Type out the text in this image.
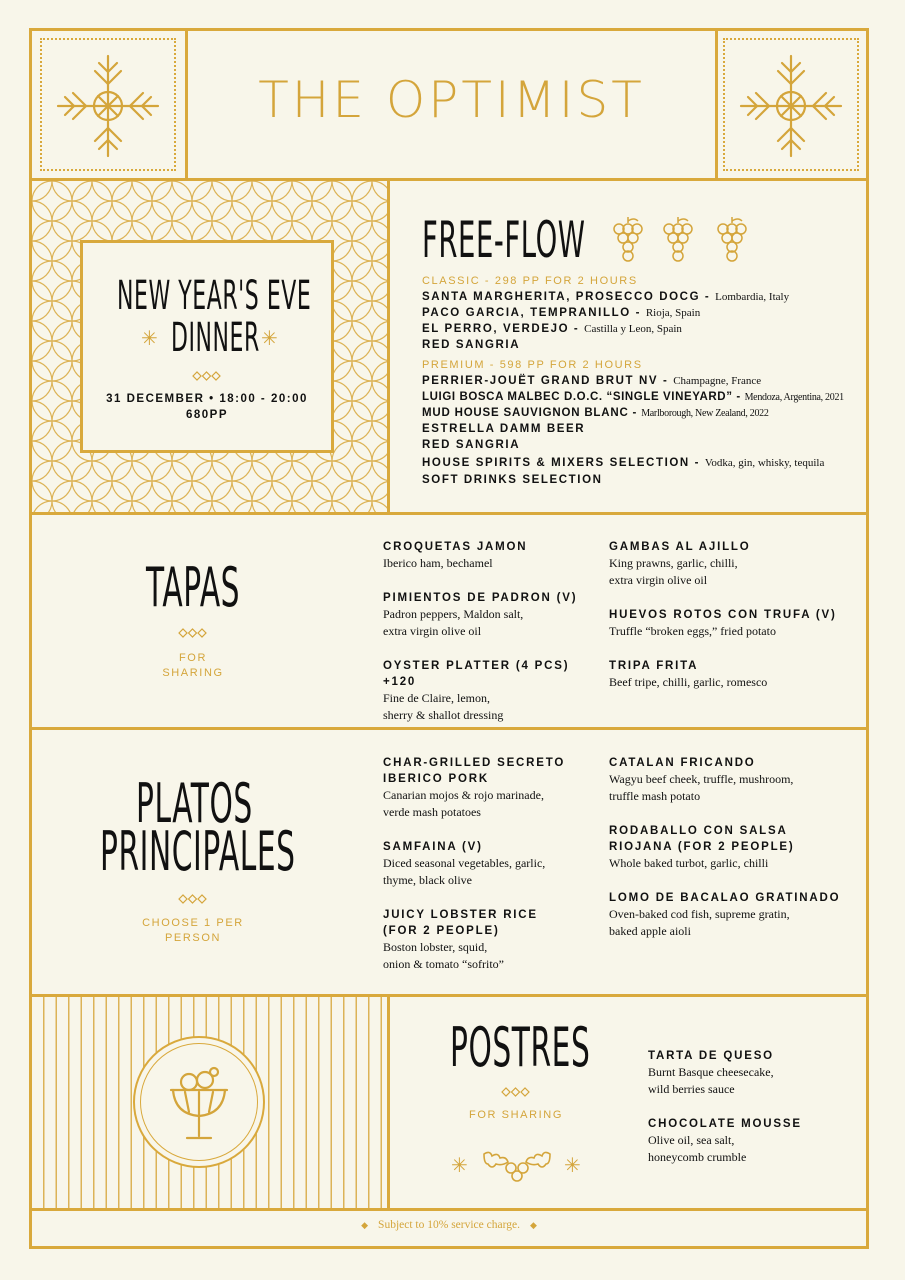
THE OPTIMIST
NEW YEAR'S EVE
DINNER
✳	✳
31 DECEMBER • 18:00 - 20:00
680PP
FREE-FLOW
CLASSIC - 298 PP FOR 2 HOURS
SANTA MARGHERITA, PROSECCO DOCG - Lombardia, Italy
PACO GARCIA, TEMPRANILLO - Rioja, Spain
EL PERRO, VERDEJO - Castilla y Leon, Spain
RED SANGRIA
PREMIUM - 598 PP FOR 2 HOURS
PERRIER-JOUËT GRAND BRUT NV - Champagne, France
LUIGI BOSCA MALBEC D.O.C. “SINGLE VINEYARD” - Mendoza, Argentina, 2021
MUD HOUSE SAUVIGNON BLANC - Marlborough, New Zealand, 2022
ESTRELLA DAMM BEER
RED SANGRIA
HOUSE SPIRITS & MIXERS SELECTION - Vodka, gin, whisky, tequila
SOFT DRINKS SELECTION
TAPAS
FOR
SHARING
CROQUETAS JAMON
Iberico ham, bechamel
PIMIENTOS DE PADRON (V)
Padron peppers, Maldon salt,
extra virgin olive oil
OYSTER PLATTER (4 PCS) +120
Fine de Claire, lemon,
sherry & shallot dressing
GAMBAS AL AJILLO
King prawns, garlic, chilli,
extra virgin olive oil
HUEVOS ROTOS CON TRUFA (V)
Truffle “broken eggs,” fried potato
TRIPA FRITA
Beef tripe, chilli, garlic, romesco
PLATOS
PRINCIPALES
CHOOSE 1 PER
PERSON
CHAR-GRILLED SECRETO
IBERICO PORK
Canarian mojos & rojo marinade,
verde mash potatoes
SAMFAINA (V)
Diced seasonal vegetables, garlic,
thyme, black olive
JUICY LOBSTER RICE
(FOR 2 PEOPLE)
Boston lobster, squid,
onion & tomato “sofrito”
CATALAN FRICANDO
Wagyu beef cheek, truffle, mushroom,
truffle mash potato
RODABALLO CON SALSA
RIOJANA (FOR 2 PEOPLE)
Whole baked turbot, garlic, chilli
LOMO DE BACALAO GRATINADO
Oven-baked cod fish, supreme gratin,
baked apple aioli
POSTRES
FOR SHARING
✳	✳
TARTA DE QUESO
Burnt Basque cheesecake,
wild berries sauce
CHOCOLATE MOUSSE
Olive oil, sea salt,
honeycomb crumble
◆ Subject to 10% service charge. ◆
